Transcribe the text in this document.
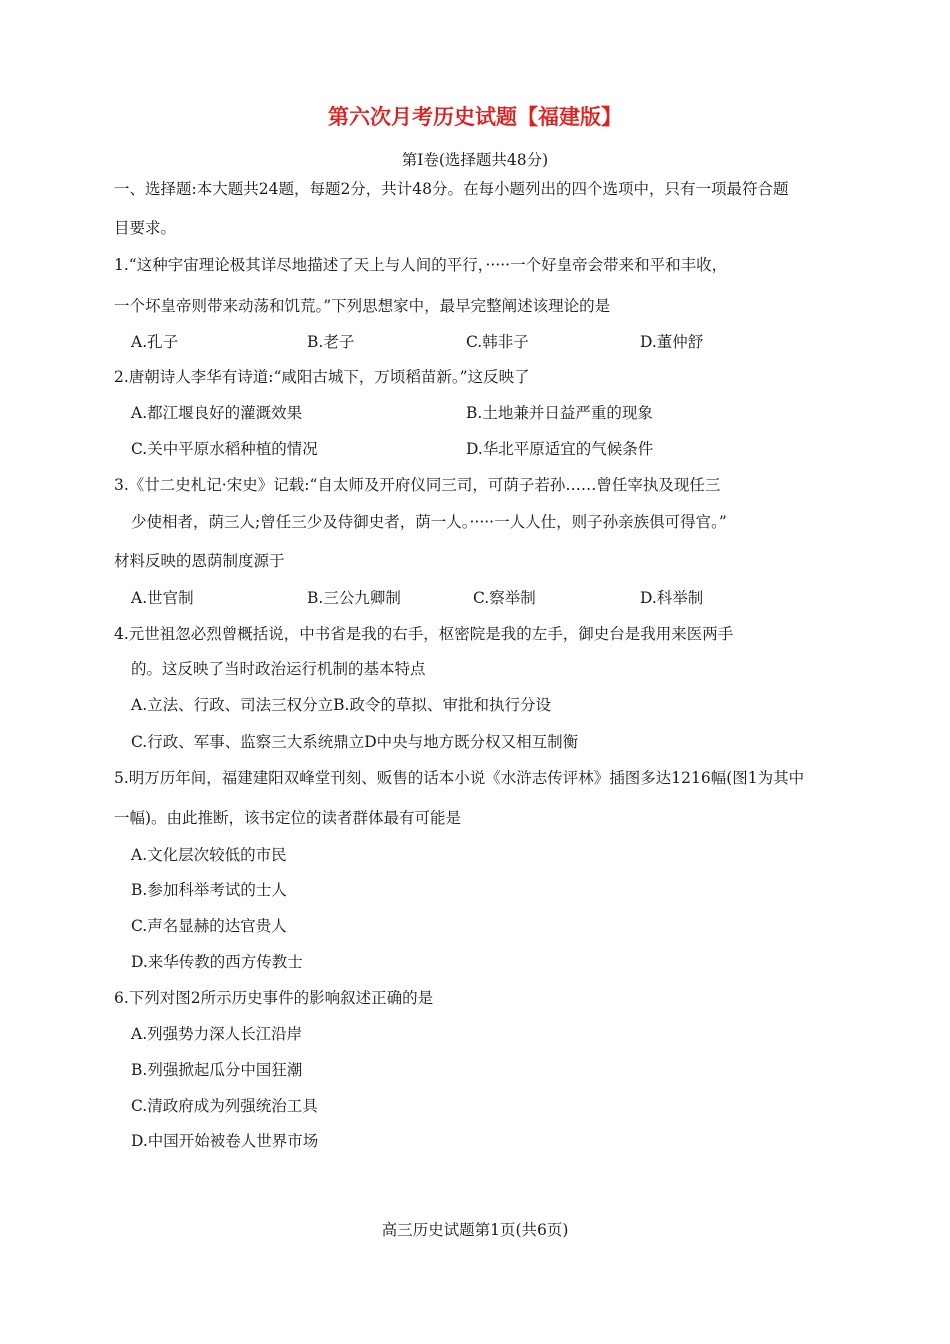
第六次月考历史试题【福建版】
第Ⅰ卷(选择题共48分)
一、选择题:本大题共24题，每题2分，共计48分。在每小题列出的四个选项中，只有一项最符合题
目要求。
1.“这种宇宙理论极其详尽地描述了天上与人间的平行，·····一个好皇帝会带来和平和丰收，
一个坏皇帝则带来动荡和饥荒。”下列思想家中，最早完整阐述该理论的是
A.孔子	B.老子	C.韩非子	D.董仲舒
2.唐朝诗人李华有诗道:“咸阳古城下，万顷稻苗新。”这反映了
A.都江堰良好的灌溉效果	B.土地兼并日益严重的现象
C.关中平原水稻种植的情况	D.华北平原适宜的气候条件
3.《廿二史札记·宋史》记载:“自太师及开府仪同三司，可荫子若孙……曾任宰执及现任三
少使相者，荫三人;曾任三少及侍御史者，荫一人。·····一人人仕，则子孙亲族俱可得官。”
材料反映的恩荫制度源于
A.世官制	B.三公九卿制	C.察举制	D.科举制
4.元世祖忽必烈曾概括说，中书省是我的右手，枢密院是我的左手，御史台是我用来医两手
的。这反映了当时政治运行机制的基本特点
A.立法、行政、司法三权分立B.政令的草拟、审批和执行分设
C.行政、军事、监察三大系统鼎立D中央与地方既分权又相互制衡
5.明万历年间，福建建阳双峰堂刊刻、贩售的话本小说《水浒志传评林》插图多达1216幅(图1为其中
一幅)。由此推断，该书定位的读者群体最有可能是
A.文化层次较低的市民
B.参加科举考试的士人
C.声名显赫的达官贵人
D.来华传教的西方传教士
6.下列对图2所示历史事件的影响叙述正确的是
A.列强势力深人长江沿岸
B.列强掀起瓜分中国狂潮
C.清政府成为列强统治工具
D.中国开始被卷人世界市场
高三历史试题第1页(共6页)
